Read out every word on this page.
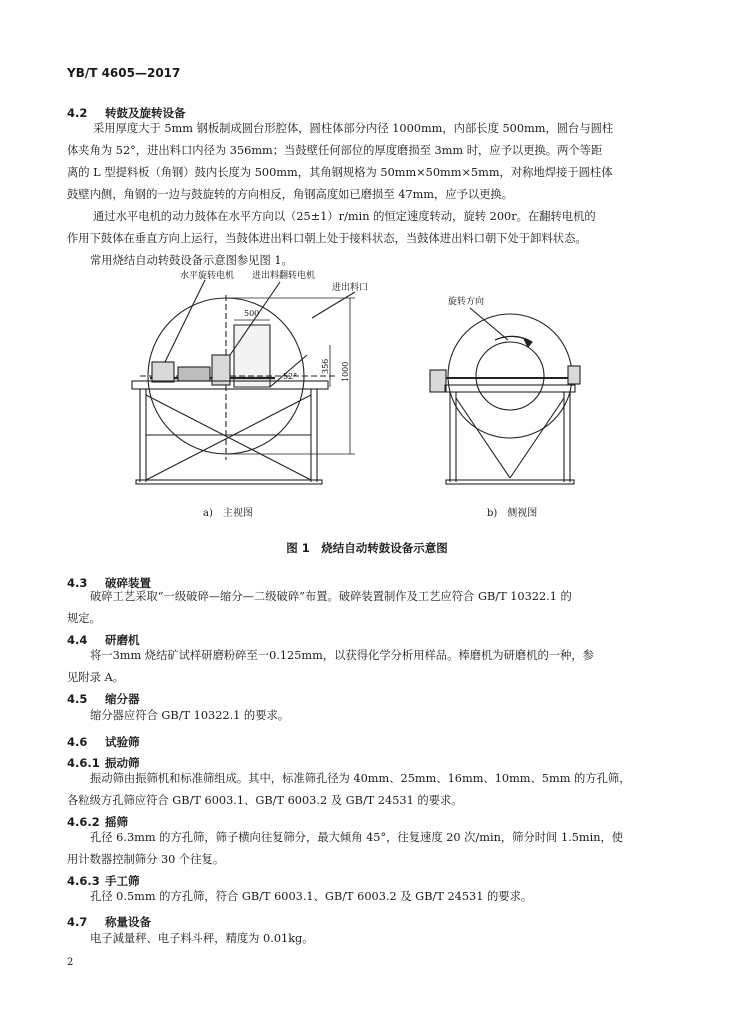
YB/T 4605—2017
4.2 转鼓及旋转设备
采用厚度大于 5mm 钢板制成圆台形腔体，圆柱体部分内径 1000mm，内部长度 500mm，圆台与圆柱
体夹角为 52°，进出料口内径为 356mm；当鼓壁任何部位的厚度磨损至 3mm 时，应予以更换。两个等距
离的 L 型提料板（角钢）鼓内长度为 500mm，其角钢规格为 50mm×50mm×5mm，对称地焊接于圆柱体
鼓壁内侧，角钢的一边与鼓旋转的方向相反，角钢高度如已磨损至 47mm，应予以更换。
通过水平电机的动力鼓体在水平方向以（25±1）r/min 的恒定速度转动，旋转 200r。在翻转电机的
作用下鼓体在垂直方向上运行，当鼓体进出料口朝上处于接料状态，当鼓体进出料口朝下处于卸料状态。
常用烧结自动转鼓设备示意图参见图 1。
水平旋转电机 进出料翻转电机
进出料口
500
356 1000
52°
旋转方向
a)　主视图	b)　侧视图
图 1　烧结自动转鼓设备示意图
4.3 破碎装置
破碎工艺采取“一级破碎—缩分—二级破碎”布置。破碎装置制作及工艺应符合 GB/T 10322.1 的
规定。
4.4 研磨机
将一3mm 烧结矿试样研磨粉碎至一0.125mm，以获得化学分析用样品。棒磨机为研磨机的一种，参
见附录 A。
4.5 缩分器
缩分器应符合 GB/T 10322.1 的要求。
4.6 试验筛
4.6.1 振动筛
振动筛由振筛机和标准筛组成。其中，标准筛孔径为 40mm、25mm、16mm、10mm、5mm 的方孔筛，
各粒级方孔筛应符合 GB/T 6003.1、GB/T 6003.2 及 GB/T 24531 的要求。
4.6.2 摇筛
孔径 6.3mm 的方孔筛，筛子横向往复筛分，最大倾角 45°，往复速度 20 次/min，筛分时间 1.5min，使
用计数器控制筛分 30 个往复。
4.6.3 手工筛
孔径 0.5mm 的方孔筛，符合 GB/T 6003.1、GB/T 6003.2 及 GB/T 24531 的要求。
4.7 称量设备
电子減量秤、电子料斗秤，精度为 0.01kg。
2
